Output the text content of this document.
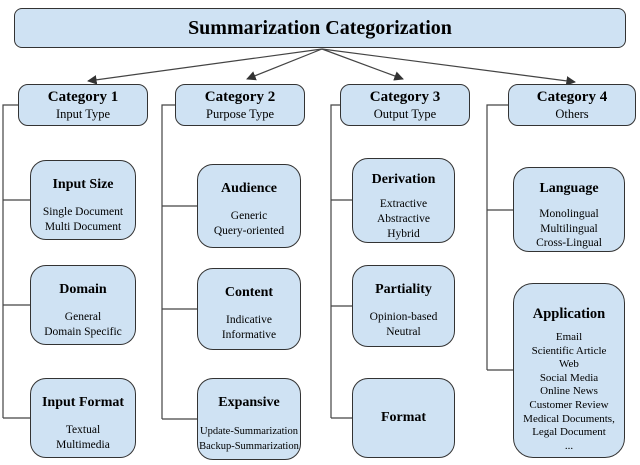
Summarization Categorization
Category 1
Input Type
Category 2
Purpose Type
Category 3
Output Type
Category 4
Others
Input Size
Single Document
Multi Document
Domain
General
Domain Specific
Input Format
Textual
Multimedia
Audience
Generic
Query-oriented
Content
Indicative
Informative
Expansive
Update-Summarization
Backup-Summarization
Derivation
Extractive
Abstractive
Hybrid
Partiality
Opinion-based
Neutral
Format
Language
Monolingual
Multilingual
Cross-Lingual
Application
Email
Scientific Article
Web
Social Media
Online News
Customer Review
Medical Documents,
Legal Document
...
